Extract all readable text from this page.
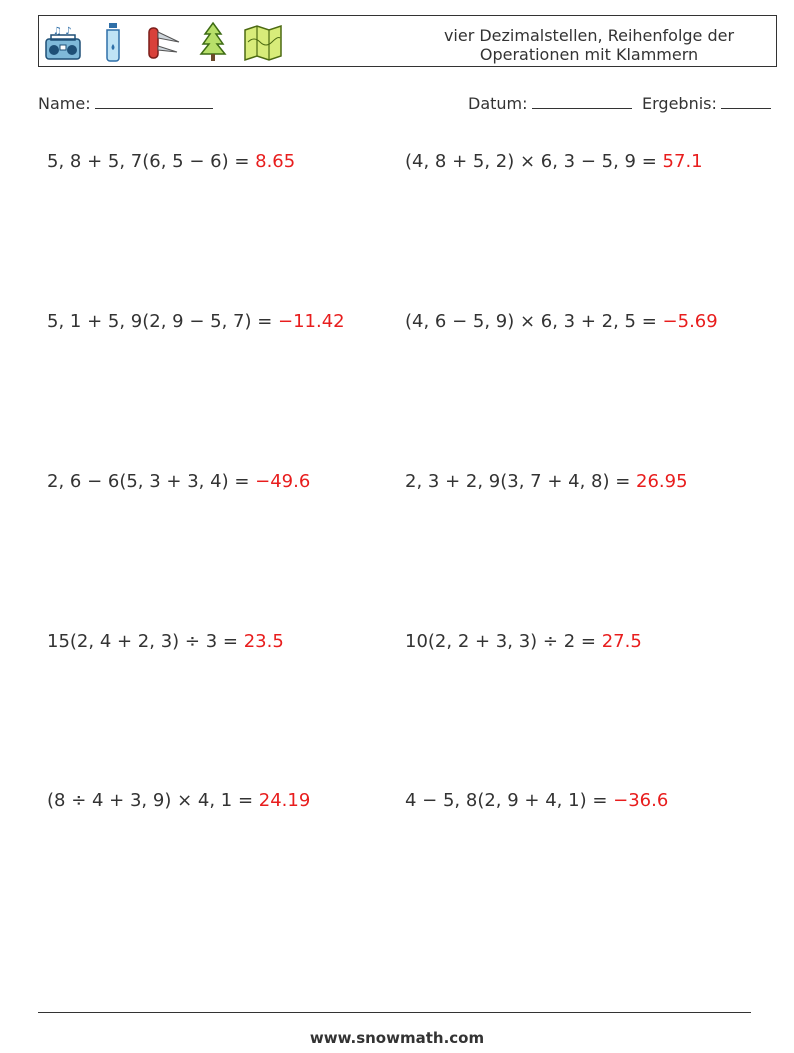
♫ ♪	vier Dezimalstellen, Reihenfolge der
Operationen mit Klammern
Name:	Datum:	Ergebnis:
5, 8 + 5, 7(6, 5 − 6) = 8.65	(4, 8 + 5, 2) × 6, 3 − 5, 9 = 57.1
5, 1 + 5, 9(2, 9 − 5, 7) = −11.42	(4, 6 − 5, 9) × 6, 3 + 2, 5 = −5.69
2, 6 − 6(5, 3 + 3, 4) = −49.6	2, 3 + 2, 9(3, 7 + 4, 8) = 26.95
15(2, 4 + 2, 3) ÷ 3 = 23.5	10(2, 2 + 3, 3) ÷ 2 = 27.5
(8 ÷ 4 + 3, 9) × 4, 1 = 24.19	4 − 5, 8(2, 9 + 4, 1) = −36.6
www.snowmath.com
